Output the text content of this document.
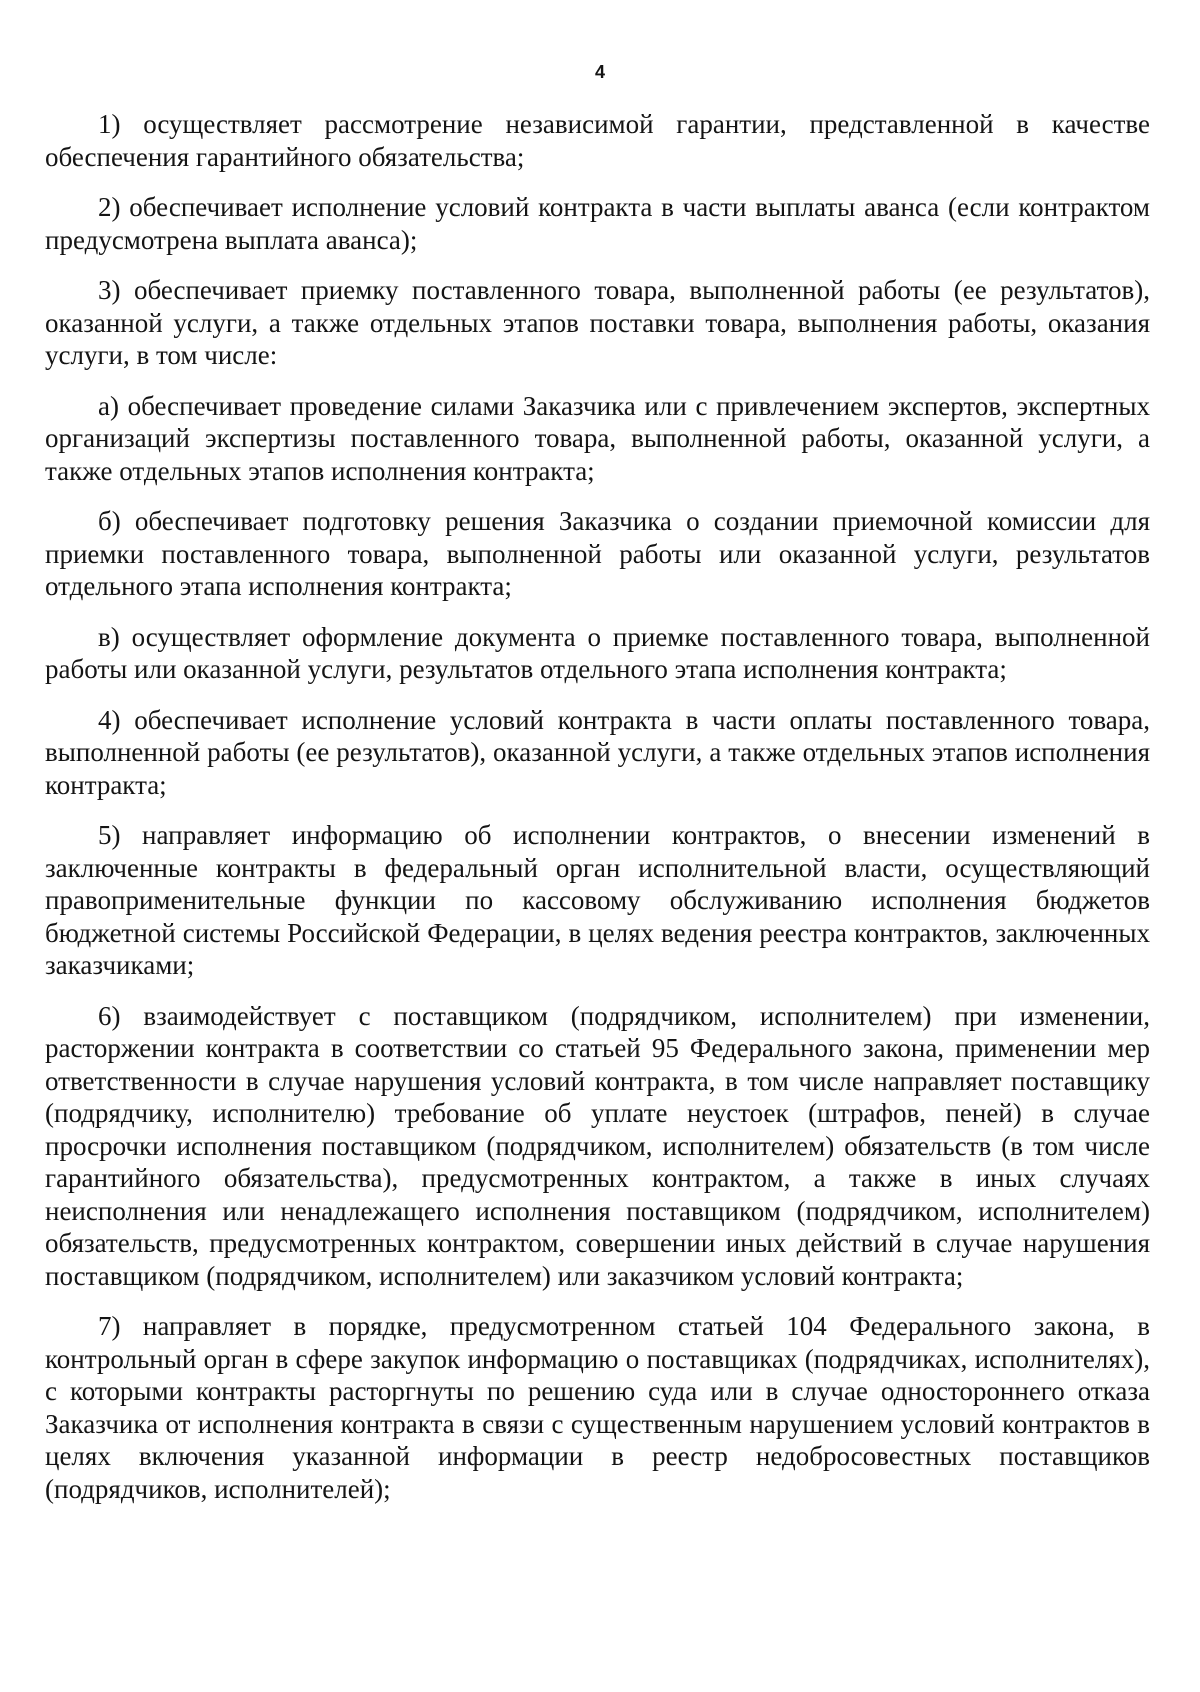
4

1) осуществляет рассмотрение независимой гарантии, представленной в качестве обеспечения гарантийного обязательства;

2) обеспечивает исполнение условий контракта в части выплаты аванса (если контрактом предусмотрена выплата аванса);

3) обеспечивает приемку поставленного товара, выполненной работы (ее результатов), оказанной услуги, а также отдельных этапов поставки товара, выполнения работы, оказания услуги, в том числе:

а) обеспечивает проведение силами Заказчика или с привлечением экспертов, экспертных организаций экспертизы поставленного товара, выполненной работы, оказанной услуги, а также отдельных этапов исполнения контракта;

б) обеспечивает подготовку решения Заказчика о создании приемочной комиссии для приемки поставленного товара, выполненной работы или оказанной услуги, результатов отдельного этапа исполнения контракта;

в) осуществляет оформление документа о приемке поставленного товара, выполненной работы или оказанной услуги, результатов отдельного этапа исполнения контракта;

4) обеспечивает исполнение условий контракта в части оплаты поставленного товара, выполненной работы (ее результатов), оказанной услуги, а также отдельных этапов исполнения контракта;

5) направляет информацию об исполнении контрактов, о внесении изменений в заключенные контракты в федеральный орган исполнительной власти, осуществляющий правоприменительные функции по кассовому обслуживанию исполнения бюджетов бюджетной системы Российской Федерации, в целях ведения реестра контрактов, заключенных заказчиками;

6) взаимодействует с поставщиком (подрядчиком, исполнителем) при изменении, расторжении контракта в соответствии со статьей 95 Федерального закона, применении мер ответственности в случае нарушения условий контракта, в том числе направляет поставщику (подрядчику, исполнителю) требование об уплате неустоек (штрафов, пеней) в случае просрочки исполнения поставщиком (подрядчиком, исполнителем) обязательств (в том числе гарантийного обязательства), предусмотренных контрактом, а также в иных случаях неисполнения или ненадлежащего исполнения поставщиком (подрядчиком, исполнителем) обязательств, предусмотренных контрактом, совершении иных действий в случае нарушения поставщиком (подрядчиком, исполнителем) или заказчиком условий контракта;

7) направляет в порядке, предусмотренном статьей 104 Федерального закона, в контрольный орган в сфере закупок информацию о поставщиках (подрядчиках, исполнителях), с которыми контракты расторгнуты по решению суда или в случае одностороннего отказа Заказчика от исполнения контракта в связи с существенным нарушением условий контрактов в целях включения указанной информации в реестр недобросовестных поставщиков (подрядчиков, исполнителей);
